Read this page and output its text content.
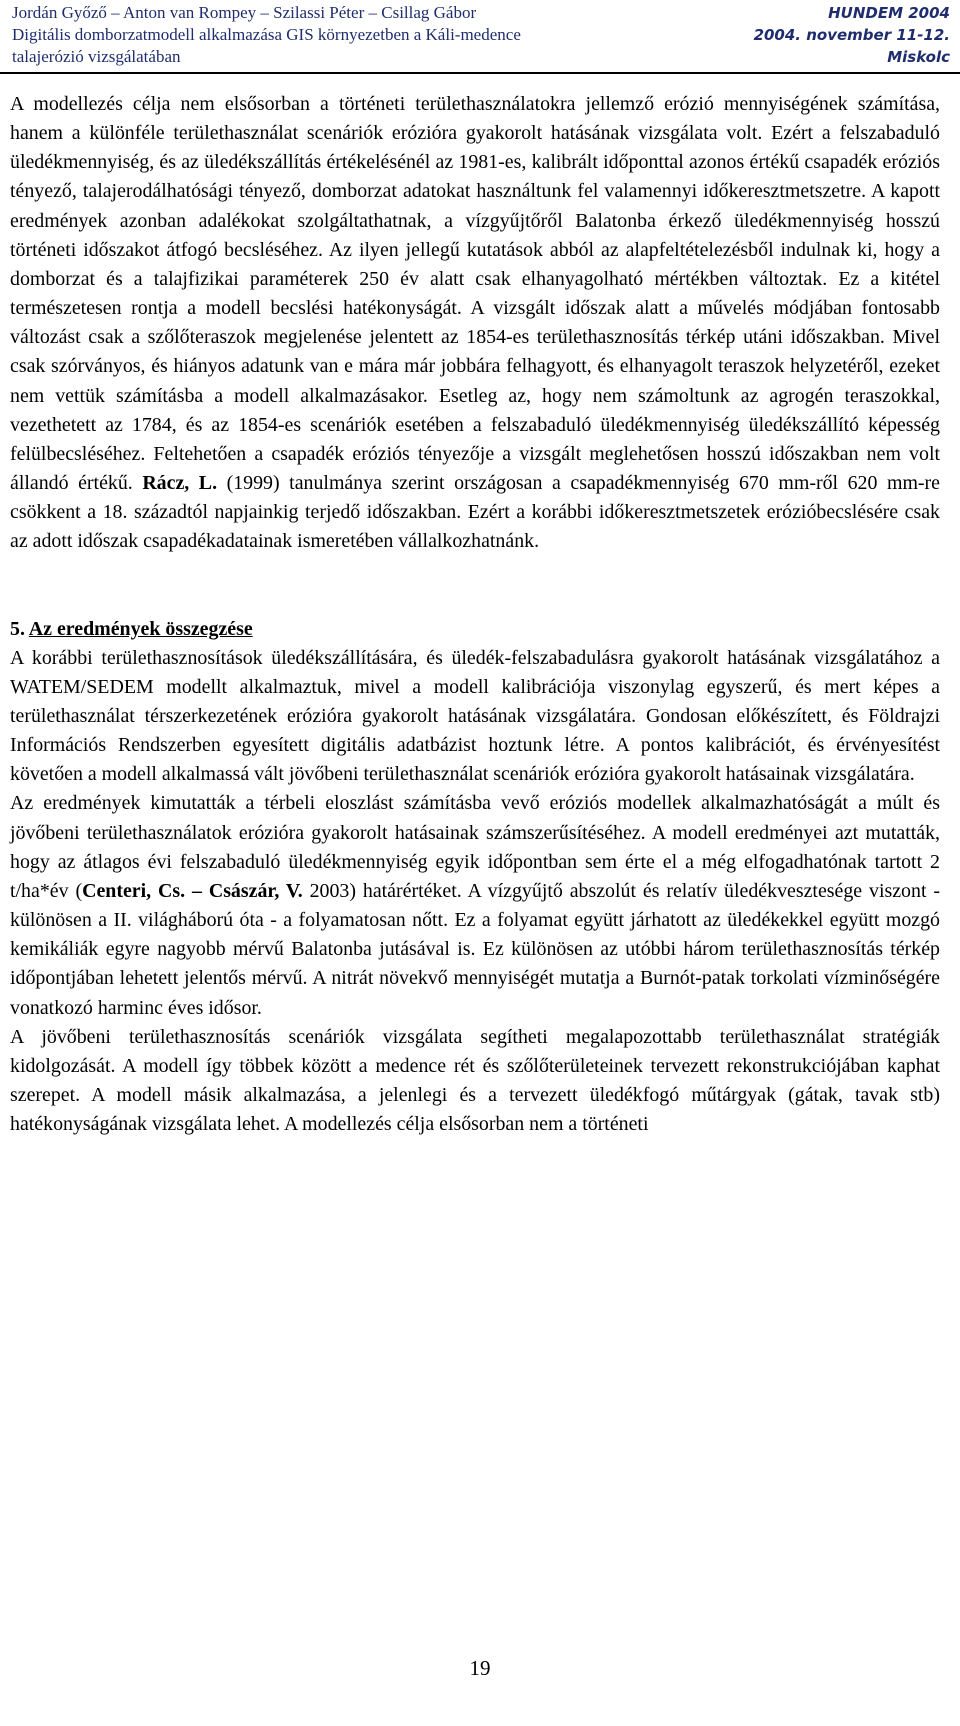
Jordán Győző – Anton van Rompey – Szilassi Péter – Csillag Gábor
Digitális domborzatmodell alkalmazása GIS környezetben a Káli-medence
talajerózió vizsgálatában
HUNDEM 2004
2004. november 11-12.
Miskolc

A modellezés célja nem elsősorban a történeti területhasználatokra jellemző erózió mennyiségének számítása, hanem a különféle területhasználat scenáriók erózióra gyakorolt hatásának vizsgálata volt. Ezért a felszabaduló üledékmennyiség, és az üledékszállítás értékelésénél az 1981-es, kalibrált időponttal azonos értékű csapadék eróziós tényező, talajerodálhatósági tényező, domborzat adatokat használtunk fel valamennyi időkeresztmetszetre. A kapott eredmények azonban adalékokat szolgáltathatnak, a vízgyűjtőről Balatonba érkező üledékmennyiség hosszú történeti időszakot átfogó becsléséhez. Az ilyen jellegű kutatások abból az alapfeltételezésből indulnak ki, hogy a domborzat és a talajfizikai paraméterek 250 év alatt csak elhanyagolható mértékben változtak. Ez a kitétel természetesen rontja a modell becslési hatékonyságát. A vizsgált időszak alatt a művelés módjában fontosabb változást csak a szőlőteraszok megjelenése jelentett az 1854-es területhasznosítás térkép utáni időszakban. Mivel csak szórványos, és hiányos adatunk van e mára már jobbára felhagyott, és elhanyagolt teraszok helyzetéről, ezeket nem vettük számításba a modell alkalmazásakor. Esetleg az, hogy nem számoltunk az agrogén teraszokkal, vezethetett az 1784, és az 1854-es scenáriók esetében a felszabaduló üledékmennyiség üledékszállító képesség felülbecsléséhez. Feltehetően a csapadék eróziós tényezője a vizsgált meglehetősen hosszú időszakban nem volt állandó értékű. Rácz, L. (1999) tanulmánya szerint országosan a csapadékmennyiség 670 mm-ről 620 mm-re csökkent a 18. századtól napjainkig terjedő időszakban. Ezért a korábbi időkeresztmetszetek erózióbecslésére csak az adott időszak csapadékadatainak ismeretében vállalkozhatnánk.

5. Az eredmények összegzése

A korábbi területhasznosítások üledékszállítására, és üledék-felszabadulásra gyakorolt hatásának vizsgálatához a WATEM/SEDEM modellt alkalmaztuk, mivel a modell kalibrációja viszonylag egyszerű, és mert képes a területhasználat térszerkezetének erózióra gyakorolt hatásának vizsgálatára. Gondosan előkészített, és Földrajzi Információs Rendszerben egyesített digitális adatbázist hoztunk létre. A pontos kalibrációt, és érvényesítést követően a modell alkalmassá vált jövőbeni területhasználat scenáriók erózióra gyakorolt hatásainak vizsgálatára.

Az eredmények kimutatták a térbeli eloszlást számításba vevő eróziós modellek alkalmazhatóságát a múlt és jövőbeni területhasználatok erózióra gyakorolt hatásainak számszerűsítéséhez. A modell eredményei azt mutatták, hogy az átlagos évi felszabaduló üledékmennyiség egyik időpontban sem érte el a még elfogadhatónak tartott 2 t/ha*év (Centeri, Cs. – Császár, V. 2003) határértéket. A vízgyűjtő abszolút és relatív üledékvesztesége viszont - különösen a II. világháború óta - a folyamatosan nőtt. Ez a folyamat együtt járhatott az üledékekkel együtt mozgó kemikáliák egyre nagyobb mérvű Balatonba jutásával is. Ez különösen az utóbbi három területhasznosítás térkép időpontjában lehetett jelentős mérvű. A nitrát növekvő mennyiségét mutatja a Burnót-patak torkolati vízminőségére vonatkozó harminc éves idősor.

A jövőbeni területhasznosítás scenáriók vizsgálata segítheti megalapozottabb területhasználat stratégiák kidolgozását. A modell így többek között a medence rét és szőlőterületeinek tervezett rekonstrukciójában kaphat szerepet. A modell másik alkalmazása, a jelenlegi és a tervezett üledékfogó műtárgyak (gátak, tavak stb) hatékonyságának vizsgálata lehet. A modellezés célja elsősorban nem a történeti

19
